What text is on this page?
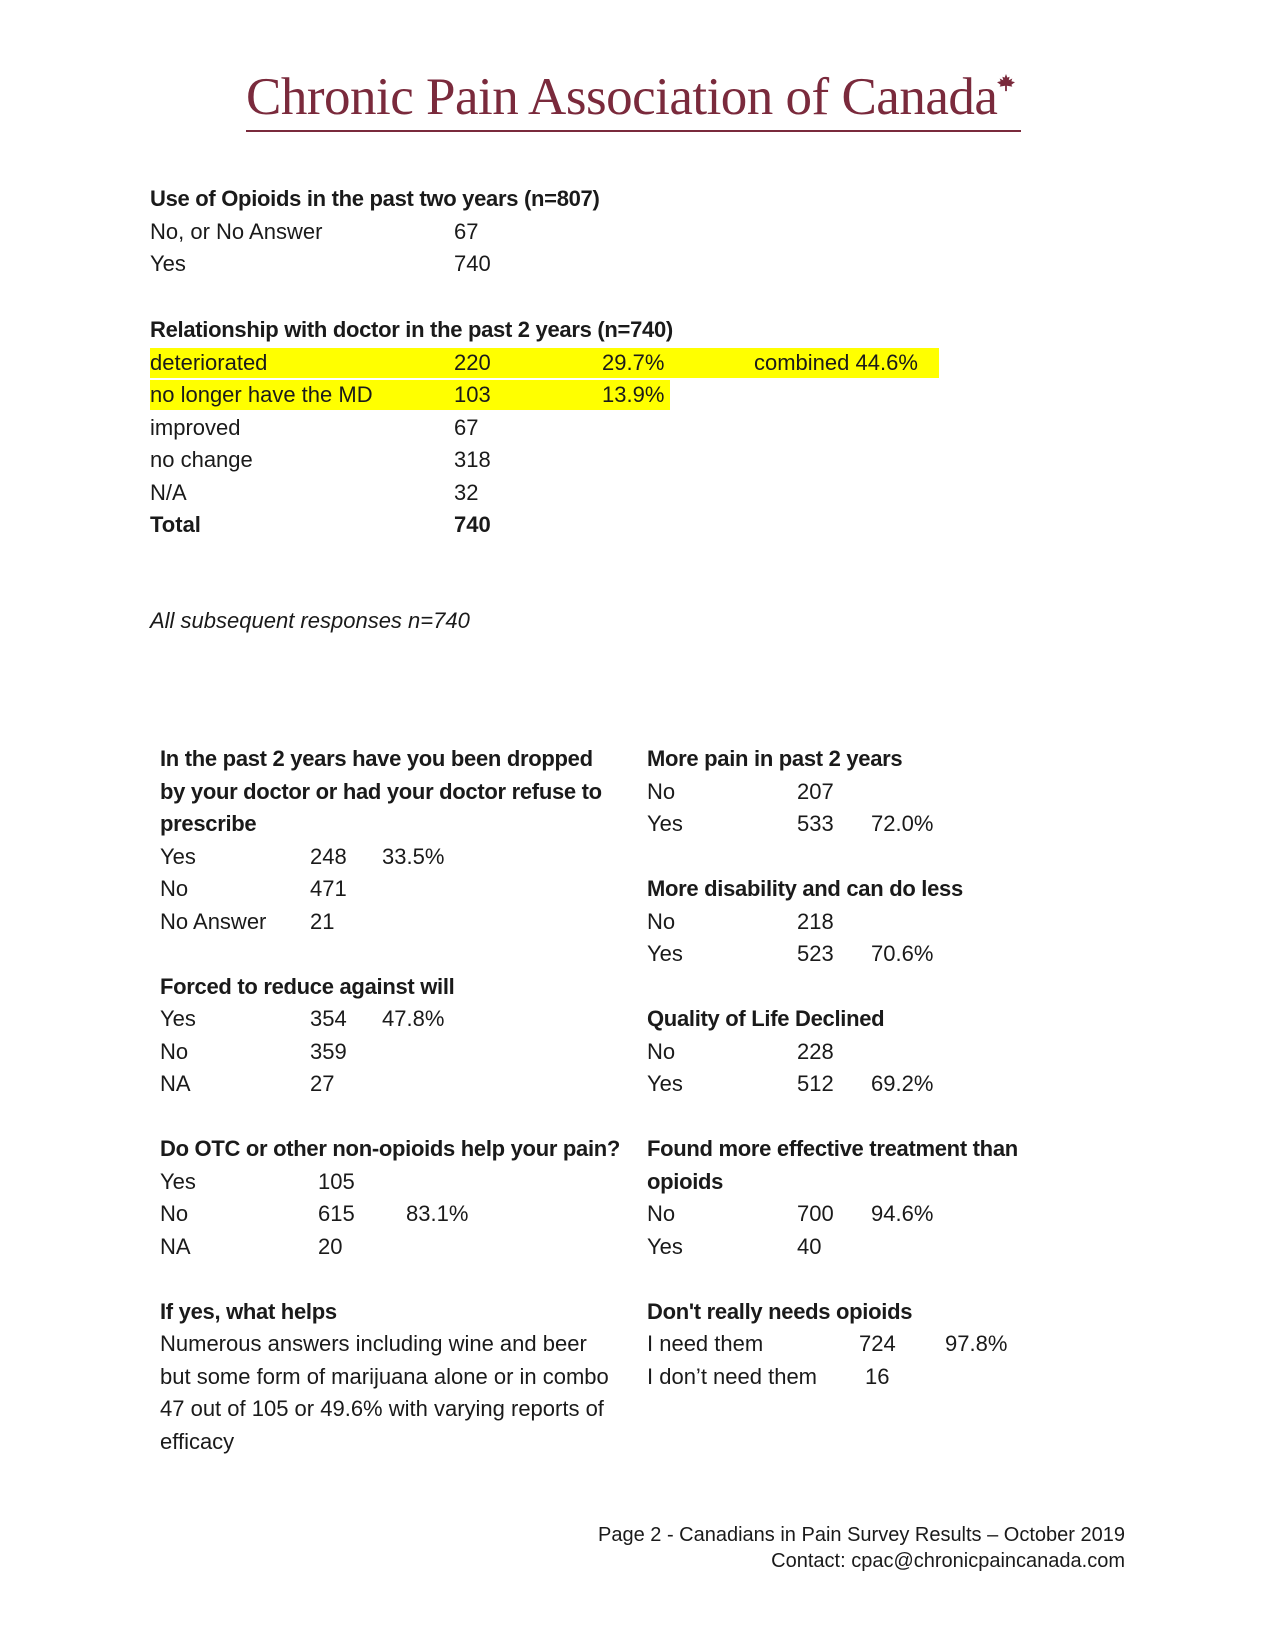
Chronic Pain Association of Canada
Use of Opioids in the past two years (n=807)
No, or No Answer	67
Yes	740
Relationship with doctor in the past 2 years (n=740)
deteriorated	220	29.7%	combined 44.6%
no longer have the MD	103	13.9%
improved	67
no change	318
N/A	32
Total	740
All subsequent responses n=740
In the past 2 years have you been dropped by your doctor or had your doctor refuse to prescribe
Yes	248 33.5%
No	471
No Answer 21
Forced to reduce against will
Yes	354 47.8%
No	359
NA	27
Do OTC or other non-opioids help your pain?
Yes	105
No	615 83.1%
NA	20
If yes, what helps
Numerous answers including wine and beer but some form of marijuana alone or in combo 47 out of 105 or 49.6% with varying reports of efficacy
More pain in past 2 years
No	207
Yes	533 72.0%
More disability and can do less
No	218
Yes	523 70.6%
Quality of Life Declined
No	228
Yes	512 69.2%
Found more effective treatment than opioids
No	700 94.6%
Yes	40
Don't really needs opioids
I need them	724 97.8%
I don’t need them 16
Page 2 - Canadians in Pain Survey Results – October 2019
Contact: cpac@chronicpaincanada.com
